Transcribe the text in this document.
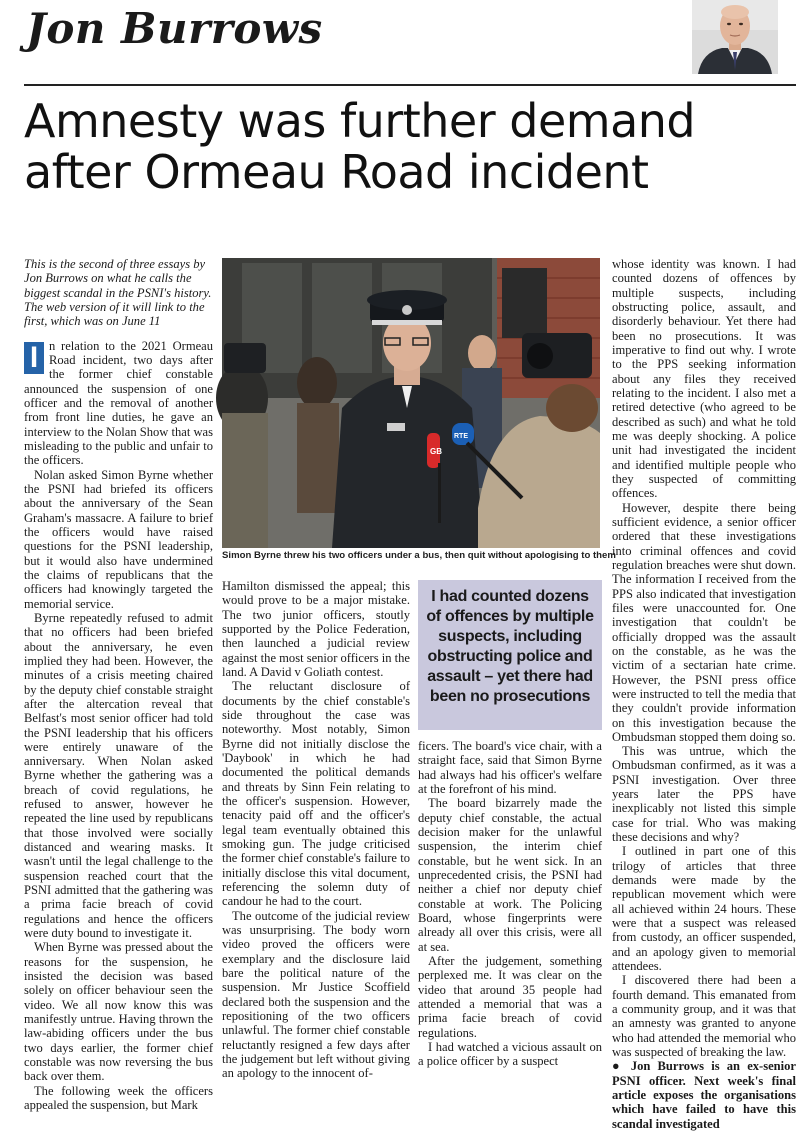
Jon Burrows
Amnesty was further demand after Ormeau Road incident

This is the second of three essays by Jon Burrows on what he calls the biggest scandal in the PSNI's history. The web version of it will link to the first, which was on June 11

I n relation to the 2021 Ormeau Road incident, two days after the former chief constable announced the suspension of one officer and the removal of another from front line duties, he gave an interview to the Nolan Show that was misleading to the public and unfair to the officers.

Nolan asked Simon Byrne whether the PSNI had briefed its officers about the anniversary of the Sean Graham's massacre. A failure to brief the officers would have raised questions for the PSNI leadership, but it would also have undermined the claims of republicans that the officers had knowingly targeted the memorial service.

Byrne repeatedly refused to admit that no officers had been briefed about the anniversary, he even implied they had been. However, the minutes of a crisis meeting chaired by the deputy chief constable straight after the altercation reveal that Belfast's most senior officer had told the PSNI leadership that his officers were entirely unaware of the anniversary. When Nolan asked Byrne whether the gathering was a breach of covid regulations, he refused to answer, however he repeated the line used by republicans that those involved were socially distanced and wearing masks. It wasn't until the legal challenge to the suspension reached court that the PSNI admitted that the gathering was a prima facie breach of covid regulations and hence the officers were duty bound to investigate it.

When Byrne was pressed about the reasons for the suspension, he insisted the decision was based solely on officer behaviour seen the video. We all now know this was manifestly untrue. Having thrown the law-abiding officers under the bus two days earlier, the former chief constable was now reversing the bus back over them.

The following week the officers appealed the suspension, but Mark

GB
RTE
Simon Byrne threw his two officers under a bus, then quit without apologising to them

Hamilton dismissed the appeal; this would prove to be a major mistake. The two junior officers, stoutly supported by the Police Federation, then launched a judicial review against the most senior officers in the land. A David v Goliath contest.

The reluctant disclosure of documents by the chief constable's side throughout the case was noteworthy. Most notably, Simon Byrne did not initially disclose the 'Daybook' in which he had documented the political demands and threats by Sinn Fein relating to the officer's suspension. However, tenacity paid off and the officer's legal team eventually obtained this smoking gun. The judge criticised the former chief constable's failure to initially disclose this vital document, referencing the solemn duty of candour he had to the court.

The outcome of the judicial review was unsurprising. The body worn video proved the officers were exemplary and the disclosure laid bare the political nature of the suspension. Mr Justice Scoffield declared both the suspension and the repositioning of the two officers unlawful. The former chief constable reluctantly resigned a few days after the judgement but left without giving an apology to the innocent of-

I had counted dozens of offences by multiple suspects, including obstructing police and assault – yet there had been no prosecutions

ficers. The board's vice chair, with a straight face, said that Simon Byrne had always had his officer's welfare at the forefront of his mind.

The board bizarrely made the deputy chief constable, the actual decision maker for the unlawful suspension, the interim chief constable, but he went sick. In an unprecedented crisis, the PSNI had neither a chief nor deputy chief constable at work. The Policing Board, whose fingerprints were already all over this crisis, were all at sea.

After the judgement, something perplexed me. It was clear on the video that around 35 people had attended a memorial that was a prima facie breach of covid regulations.

I had watched a vicious assault on a police officer by a suspect

whose identity was known. I had counted dozens of offences by multiple suspects, including obstructing police, assault, and disorderly behaviour. Yet there had been no prosecutions. It was imperative to find out why. I wrote to the PPS seeking information about any files they received relating to the incident. I also met a retired detective (who agreed to be described as such) and what he told me was deeply shocking. A police unit had investigated the incident and identified multiple people who they suspected of committing offences.

However, despite there being sufficient evidence, a senior officer ordered that these investigations into criminal offences and covid regulation breaches were shut down. The information I received from the PPS also indicated that investigation files were unaccounted for. One investigation that couldn't be officially dropped was the assault on the constable, as he was the victim of a sectarian hate crime. However, the PSNI press office were instructed to tell the media that they couldn't provide information on this investigation because the Ombudsman stopped them doing so.

This was untrue, which the Ombudsman confirmed, as it was a PSNI investigation. Over three years later the PPS have inexplicably not listed this simple case for trial. Who was making these decisions and why?

I outlined in part one of this trilogy of articles that three demands were made by the republican movement which were all achieved within 24 hours. These were that a suspect was released from custody, an officer suspended, and an apology given to memorial attendees.

I discovered there had been a fourth demand. This emanated from a community group, and it was that an amnesty was granted to anyone who had attended the memorial who was suspected of breaking the law.

● Jon Burrows is an ex-senior PSNI officer. Next week's final article exposes the organisations which have failed to have this scandal investigated
